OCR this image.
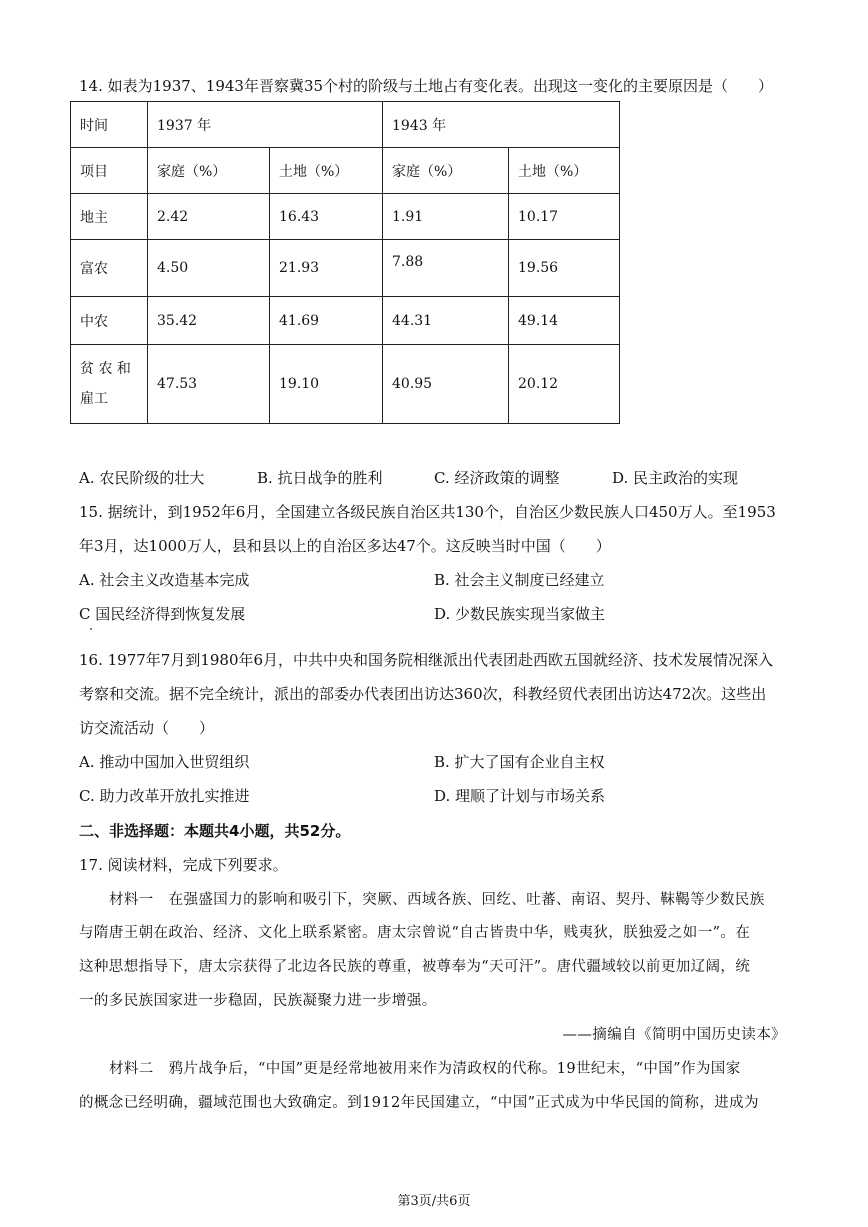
14. 如表为1937、1943年晋察冀35个村的阶级与土地占有变化表。出现这一变化的主要原因是（　　）
时间	1937 年		1943 年	
项目	家庭（%）	土地（%）	家庭（%）	土地（%）
地主	2.42	16.43	1.91	10.17
富农	4.50	21.93	7.88	19.56
中农	35.42	41.69	44.31	49.14

贫 农 和
雇工	47.53	19.10	40.95	20.12
A. 农民阶级的壮大	B. 抗日战争的胜利	C. 经济政策的调整	D. 民主政治的实现
15. 据统计，到1952年6月，全国建立各级民族自治区共130个，自治区少数民族人口450万人。至1953
年3月，达1000万人，县和县以上的自治区多达47个。这反映当时中国（　　）
A. 社会主义改造基本完成	B. 社会主义制度已经建立
C 国民经济得到恢复发展	D. 少数民族实现当家做主
16. 1977年7月到1980年6月，中共中央和国务院相继派出代表团赴西欧五国就经济、技术发展情况深入
考察和交流。据不完全统计，派出的部委办代表团出访达360次，科教经贸代表团出访达472次。这些出
访交流活动（　　）
A. 推动中国加入世贸组织	B. 扩大了国有企业自主权
C. 助力改革开放扎实推进	D. 理顺了计划与市场关系
二、非选择题：本题共4小题，共52分。
17. 阅读材料，完成下列要求。
材料一　在强盛国力的影响和吸引下，突厥、西域各族、回纥、吐蕃、南诏、契丹、靺鞨等少数民族
与隋唐王朝在政治、经济、文化上联系紧密。唐太宗曾说“自古皆贵中华，贱夷狄，朕独爱之如一”。在
这种思想指导下，唐太宗获得了北边各民族的尊重，被尊奉为“天可汗”。唐代疆域较以前更加辽阔，统
一的多民族国家进一步稳固，民族凝聚力进一步增强。
——摘编自《简明中国历史读本》
材料二　鸦片战争后，“中国”更是经常地被用来作为清政权的代称。19世纪末，“中国”作为国家
的概念已经明确，疆域范围也大致确定。到1912年民国建立，“中国”正式成为中华民国的简称，进成为
第3页/共6页
